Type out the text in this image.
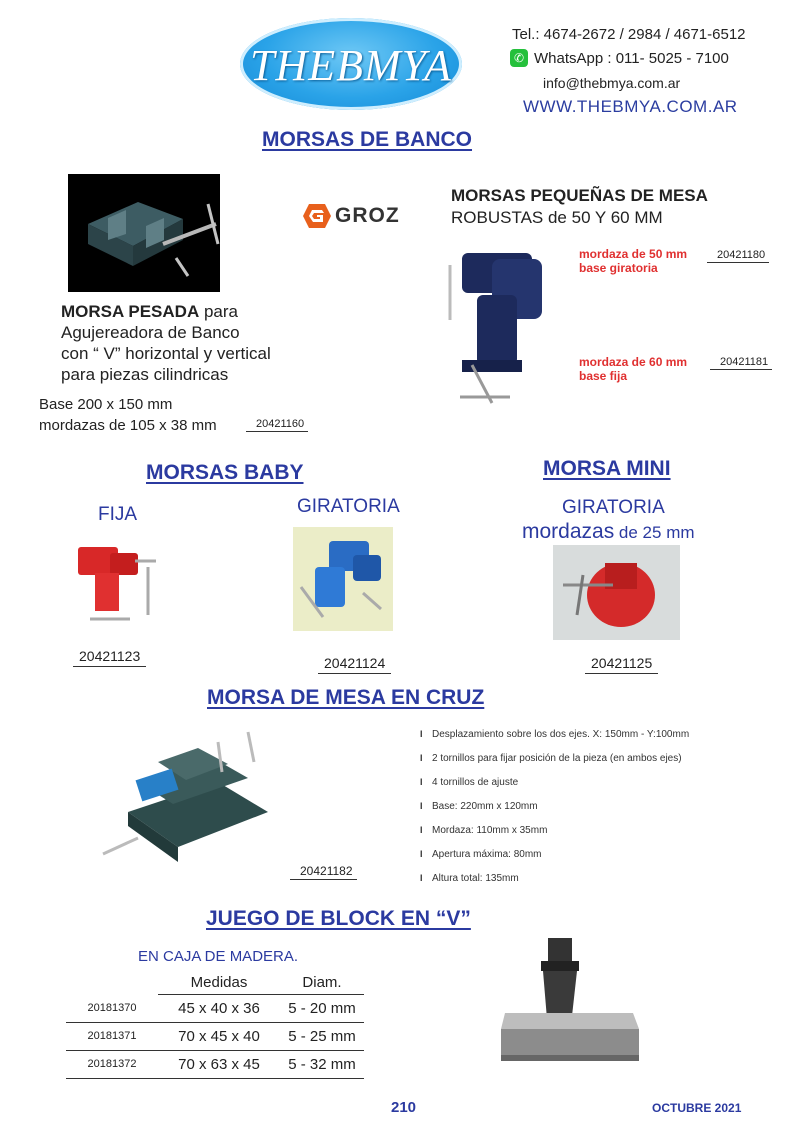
THEBMYA
Tel.: 4674-2672 / 2984 / 4671-6512
✆ WhatsApp : 011- 5025 - 7100
info@thebmya.com.ar
WWW.THEBMYA.COM.AR
MORSAS DE BANCO
GROZ
MORSA PESADA para
Agujereadora de Banco
con “ V” horizontal y vertical
para piezas cilindricas
Base 200 x 150 mm
mordazas de 105 x 38 mm	20421160
MORSAS PEQUEÑAS DE MESA
ROBUSTAS de 50 Y 60 MM
mordaza de 50 mm
base giratoria
20421180
mordaza de 60 mm
base fija
20421181
MORSAS BABY
FIJA	GIRATORIA
20421123	20421124
MORSA MINI
GIRATORIA
mordazas de 25 mm
20421125
MORSA DE MESA EN CRUZ
20421182
I Desplazamiento sobre los dos ejes. X: 150mm - Y:100mm
I 2 tornillos para fijar posición de la pieza (en ambos ejes)
I 4 tornillos de ajuste
I Base: 220mm x 120mm
I Mordaza: 110mm x 35mm
I Apertura máxima: 80mm
I Altura total: 135mm
JUEGO DE BLOCK EN “V”
EN CAJA DE MADERA.
	Medidas	Diam.
20181370	45 x 40 x 36	5 - 20 mm
20181371	70 x 45 x 40	5 - 25 mm
20181372	70 x 63 x 45	5 - 32 mm
210	OCTUBRE 2021
